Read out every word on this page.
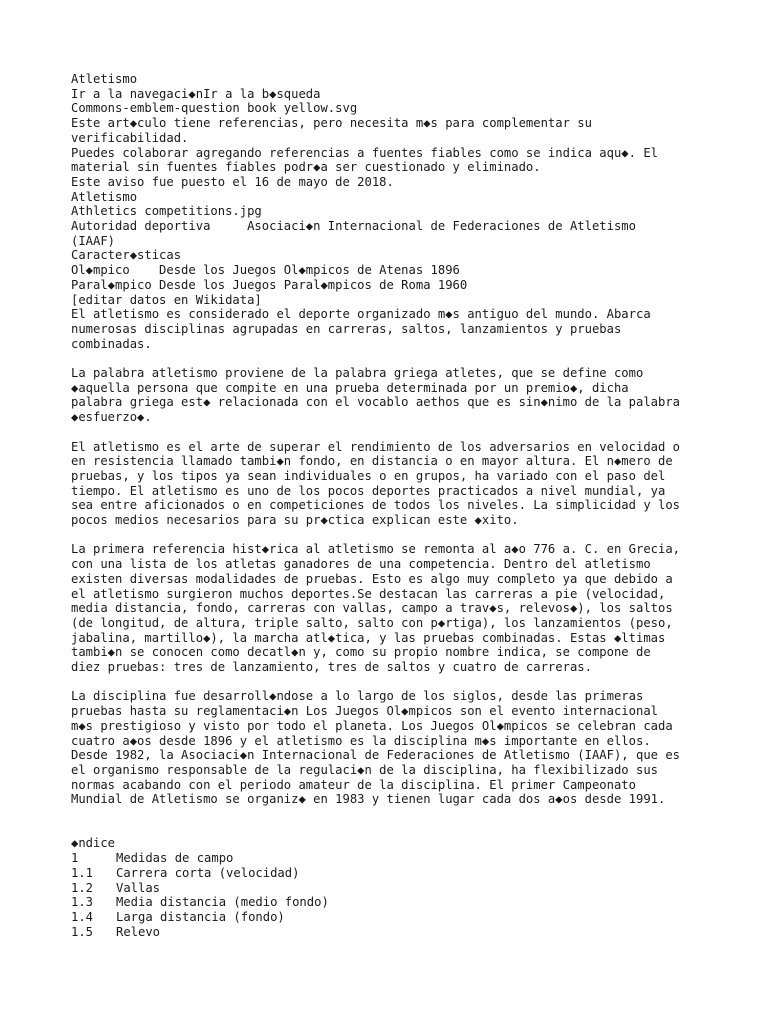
Atletismo
Ir a la navegaci◆nIr a la b◆squeda
Commons-emblem-question book yellow.svg
Este art◆culo tiene referencias, pero necesita m◆s para complementar su
verificabilidad.
Puedes colaborar agregando referencias a fuentes fiables como se indica aqu◆. El
material sin fuentes fiables podr◆a ser cuestionado y eliminado.
Este aviso fue puesto el 16 de mayo de 2018.
Atletismo
Athletics competitions.jpg
Autoridad deportiva     Asociaci◆n Internacional de Federaciones de Atletismo
(IAAF)
Caracter◆sticas
Ol◆mpico    Desde los Juegos Ol◆mpicos de Atenas 1896
Paral◆mpico Desde los Juegos Paral◆mpicos de Roma 1960
[editar datos en Wikidata]
El atletismo es considerado el deporte organizado m◆s antiguo del mundo. Abarca
numerosas disciplinas agrupadas en carreras, saltos, lanzamientos y pruebas
combinadas.
La palabra atletismo proviene de la palabra griega atletes, que se define como
◆aquella persona que compite en una prueba determinada por un premio◆, dicha
palabra griega est◆ relacionada con el vocablo aethos que es sin◆nimo de la palabra
◆esfuerzo◆.
El atletismo es el arte de superar el rendimiento de los adversarios en velocidad o
en resistencia llamado tambi◆n fondo, en distancia o en mayor altura. El n◆mero de
pruebas, y los tipos ya sean individuales o en grupos, ha variado con el paso del
tiempo. El atletismo es uno de los pocos deportes practicados a nivel mundial, ya
sea entre aficionados o en competiciones de todos los niveles. La simplicidad y los
pocos medios necesarios para su pr◆ctica explican este ◆xito.
La primera referencia hist◆rica al atletismo se remonta al a◆o 776 a. C. en Grecia,
con una lista de los atletas ganadores de una competencia. Dentro del atletismo
existen diversas modalidades de pruebas. Esto es algo muy completo ya que debido a
el atletismo surgieron muchos deportes.Se destacan las carreras a pie (velocidad,
media distancia, fondo, carreras con vallas, campo a trav◆s, relevos◆), los saltos
(de longitud, de altura, triple salto, salto con p◆rtiga), los lanzamientos (peso,
jabalina, martillo◆), la marcha atl◆tica, y las pruebas combinadas. Estas ◆ltimas
tambi◆n se conocen como decatl◆n y, como su propio nombre indica, se compone de
diez pruebas: tres de lanzamiento, tres de saltos y cuatro de carreras.
La disciplina fue desarroll◆ndose a lo largo de los siglos, desde las primeras
pruebas hasta su reglamentaci◆n Los Juegos Ol◆mpicos son el evento internacional
m◆s prestigioso y visto por todo el planeta. Los Juegos Ol◆mpicos se celebran cada
cuatro a◆os desde 1896 y el atletismo es la disciplina m◆s importante en ellos.
Desde 1982, la Asociaci◆n Internacional de Federaciones de Atletismo (IAAF), que es
el organismo responsable de la regulaci◆n de la disciplina, ha flexibilizado sus
normas acabando con el periodo amateur de la disciplina. El primer Campeonato
Mundial de Atletismo se organiz◆ en 1983 y tienen lugar cada dos a◆os desde 1991.
◆ndice
1	Medidas de campo
1.1 Carrera corta (velocidad)
1.2 Vallas
1.3 Media distancia (medio fondo)
1.4 Larga distancia (fondo)
1.5 Relevo
